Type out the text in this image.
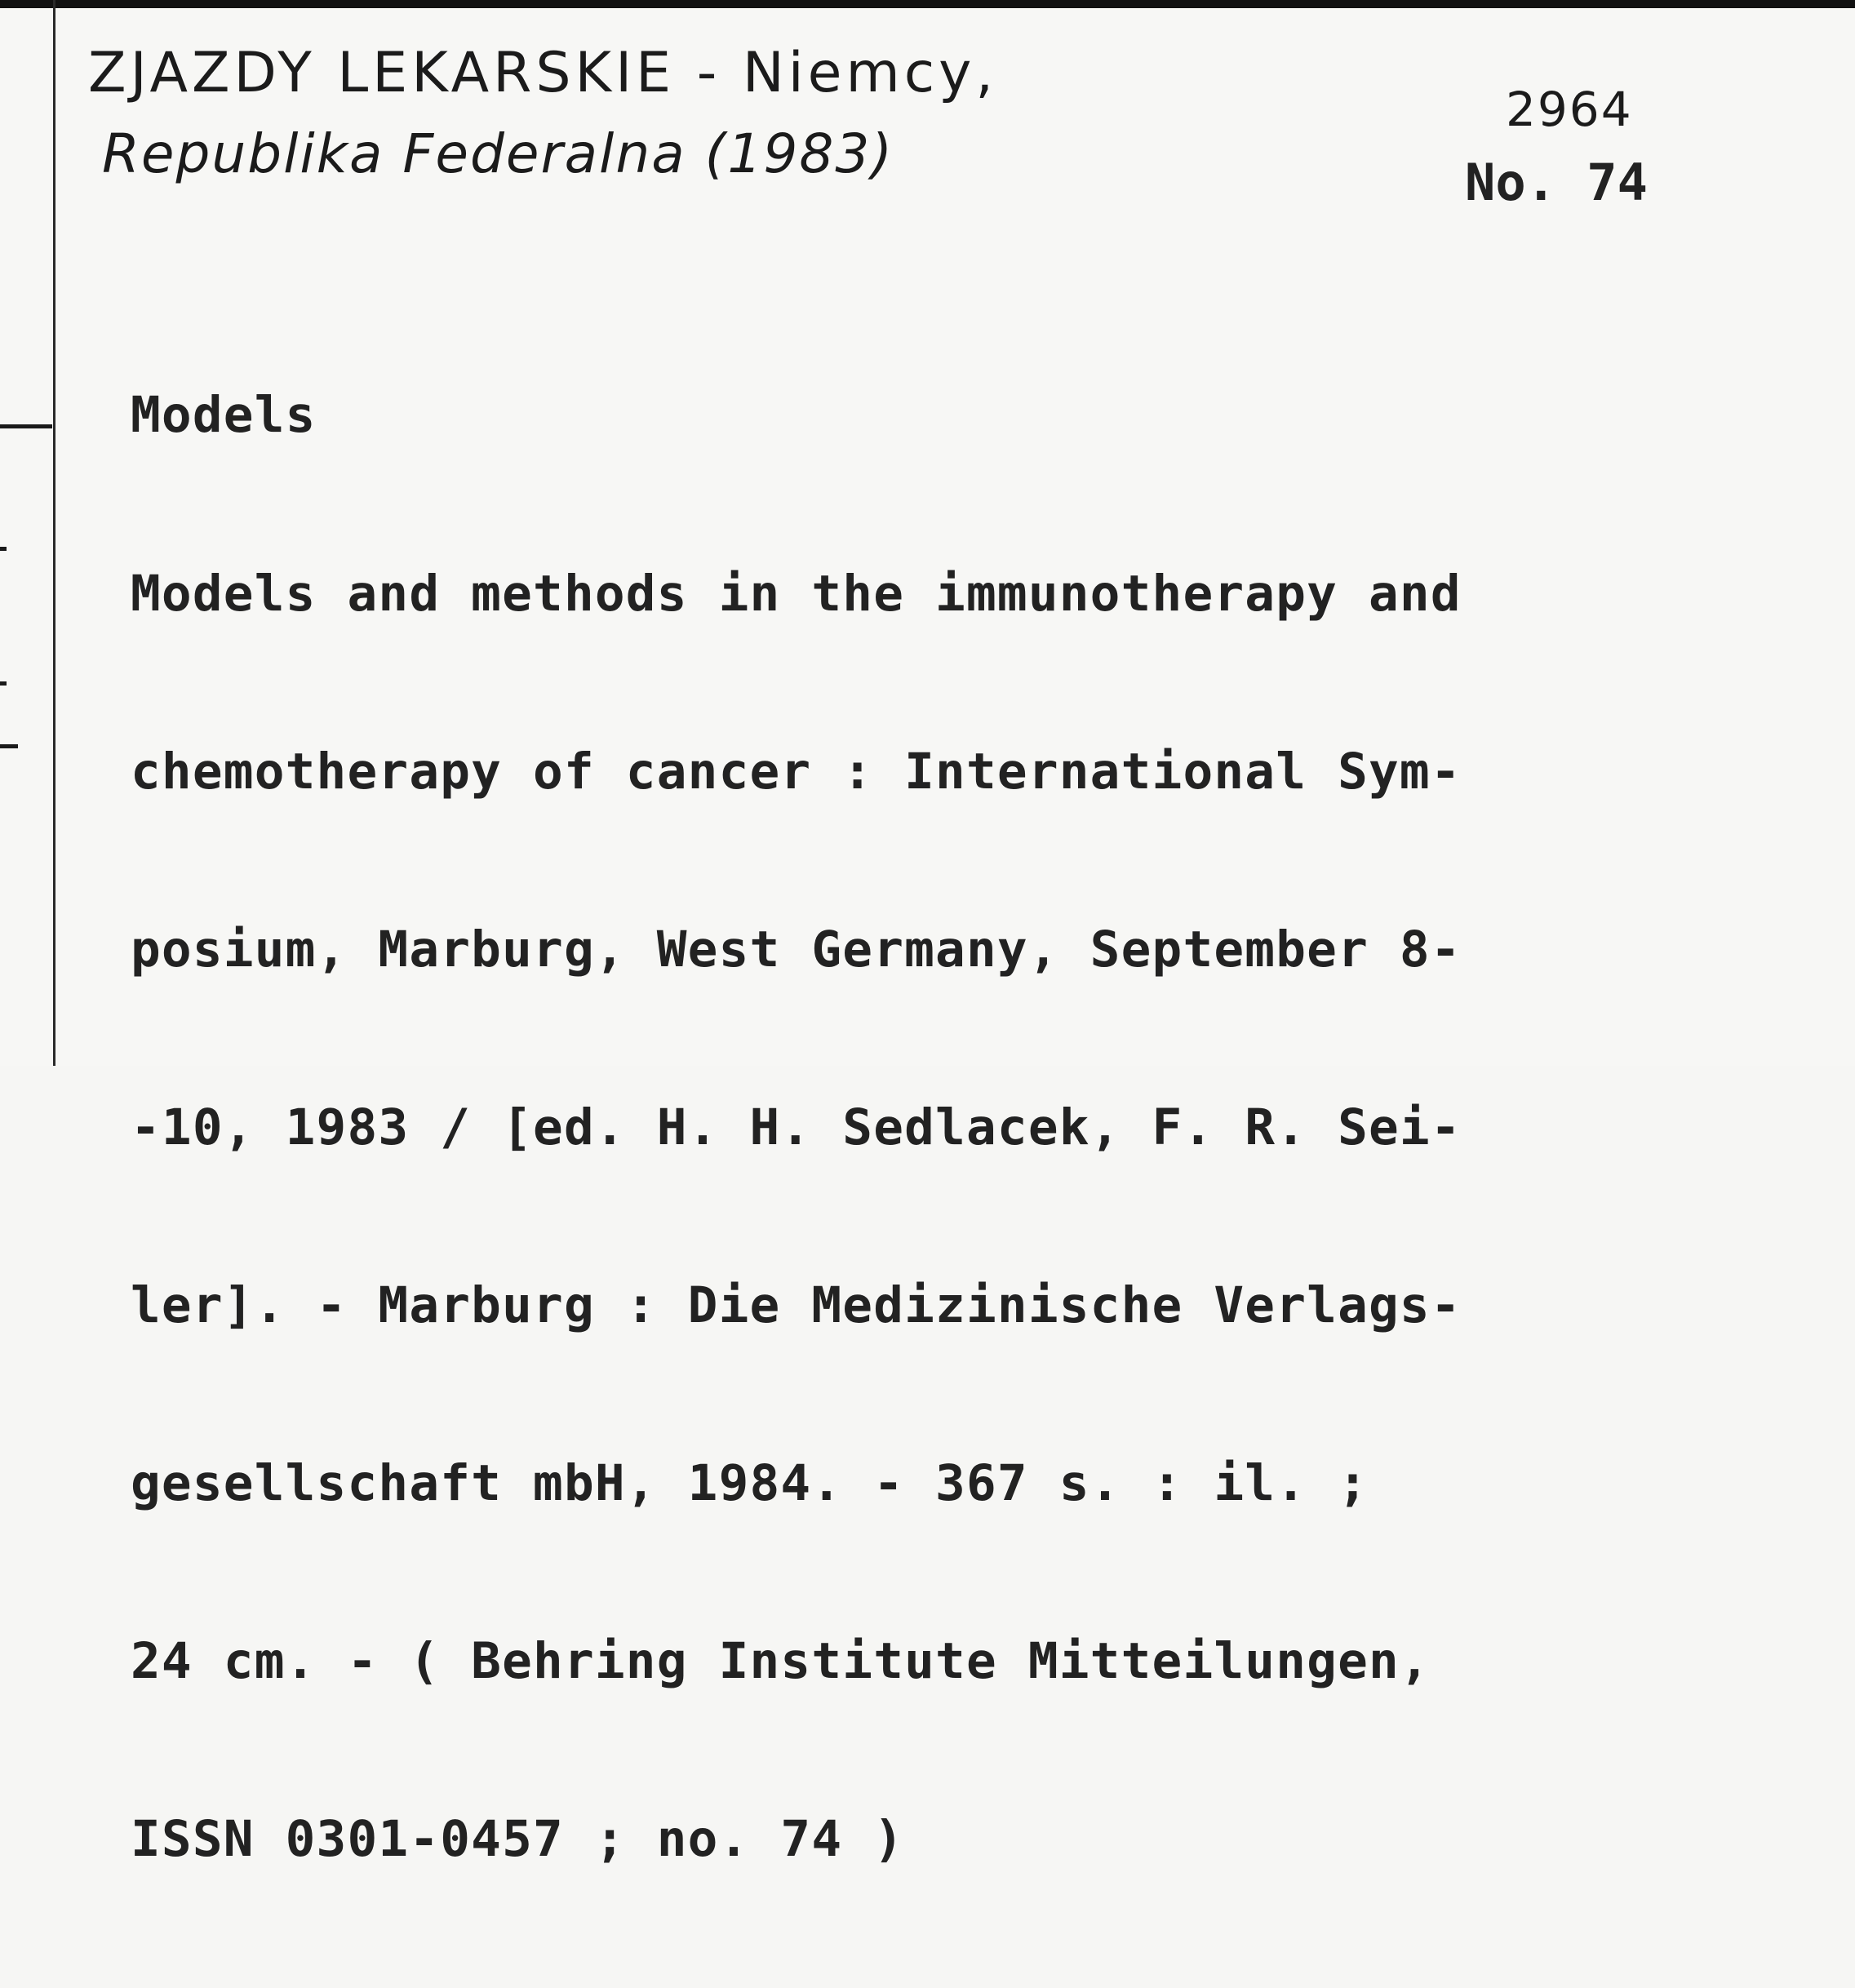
ZJAZDY LEKARSKIE - Niemcy,
Republika Federalna (1983)
2964
No. 74

Models

Models and methods in the immunotherapy and

chemotherapy of cancer : International Sym-

posium, Marburg, West Germany, September 8-

-10, 1983 / [ed. H. H. Sedlacek, F. R. Sei-

ler]. - Marburg : Die Medizinische Verlags-

gesellschaft mbH, 1984. - 367 s. : il. ;

24 cm. - ( Behring Institute Mitteilungen,

ISSN 0301-0457 ; no. 74 )
